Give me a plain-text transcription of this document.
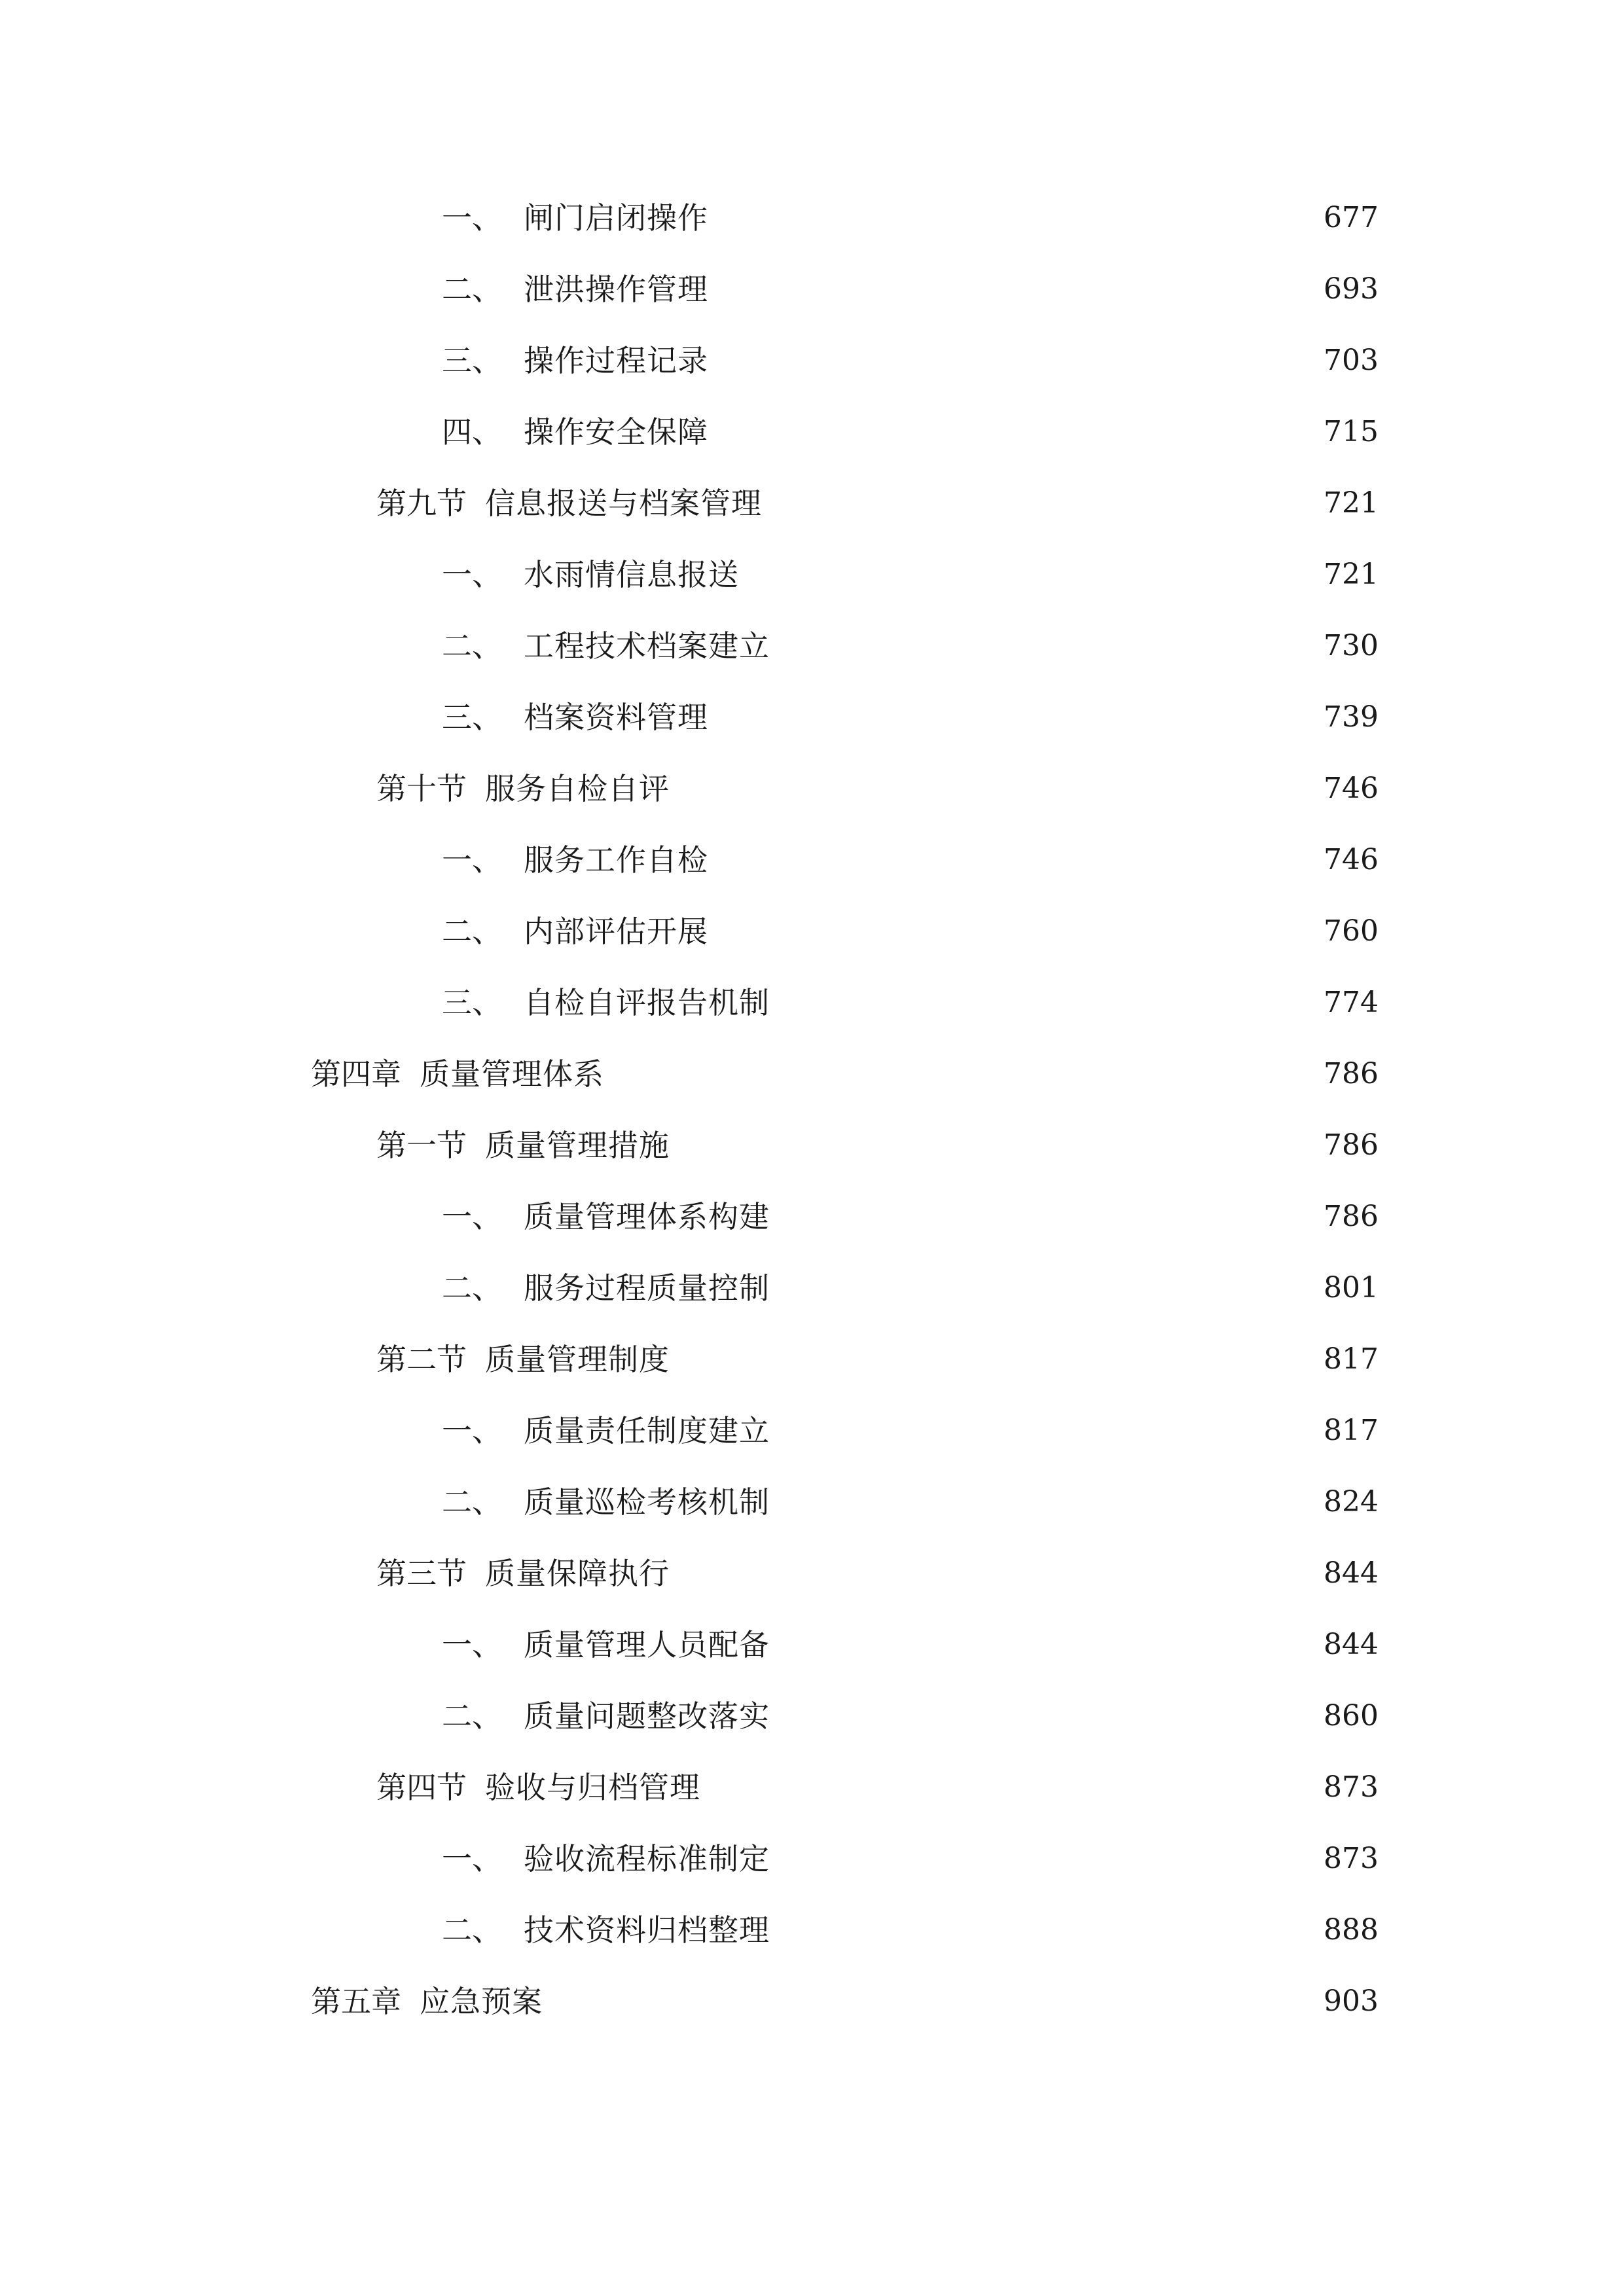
一、 闸门启闭操作	677
二、 泄洪操作管理	693
三、 操作过程记录	703
四、 操作安全保障	715
第九节 信息报送与档案管理	721
一、 水雨情信息报送	721
二、 工程技术档案建立	730
三、 档案资料管理	739
第十节 服务自检自评	746
一、 服务工作自检	746
二、 内部评估开展	760
三、 自检自评报告机制	774
第四章 质量管理体系	786
第一节 质量管理措施	786
一、 质量管理体系构建	786
二、 服务过程质量控制	801
第二节 质量管理制度	817
一、 质量责任制度建立	817
二、 质量巡检考核机制	824
第三节 质量保障执行	844
一、 质量管理人员配备	844
二、 质量问题整改落实	860
第四节 验收与归档管理	873
一、 验收流程标准制定	873
二、 技术资料归档整理	888
第五章 应急预案	903
